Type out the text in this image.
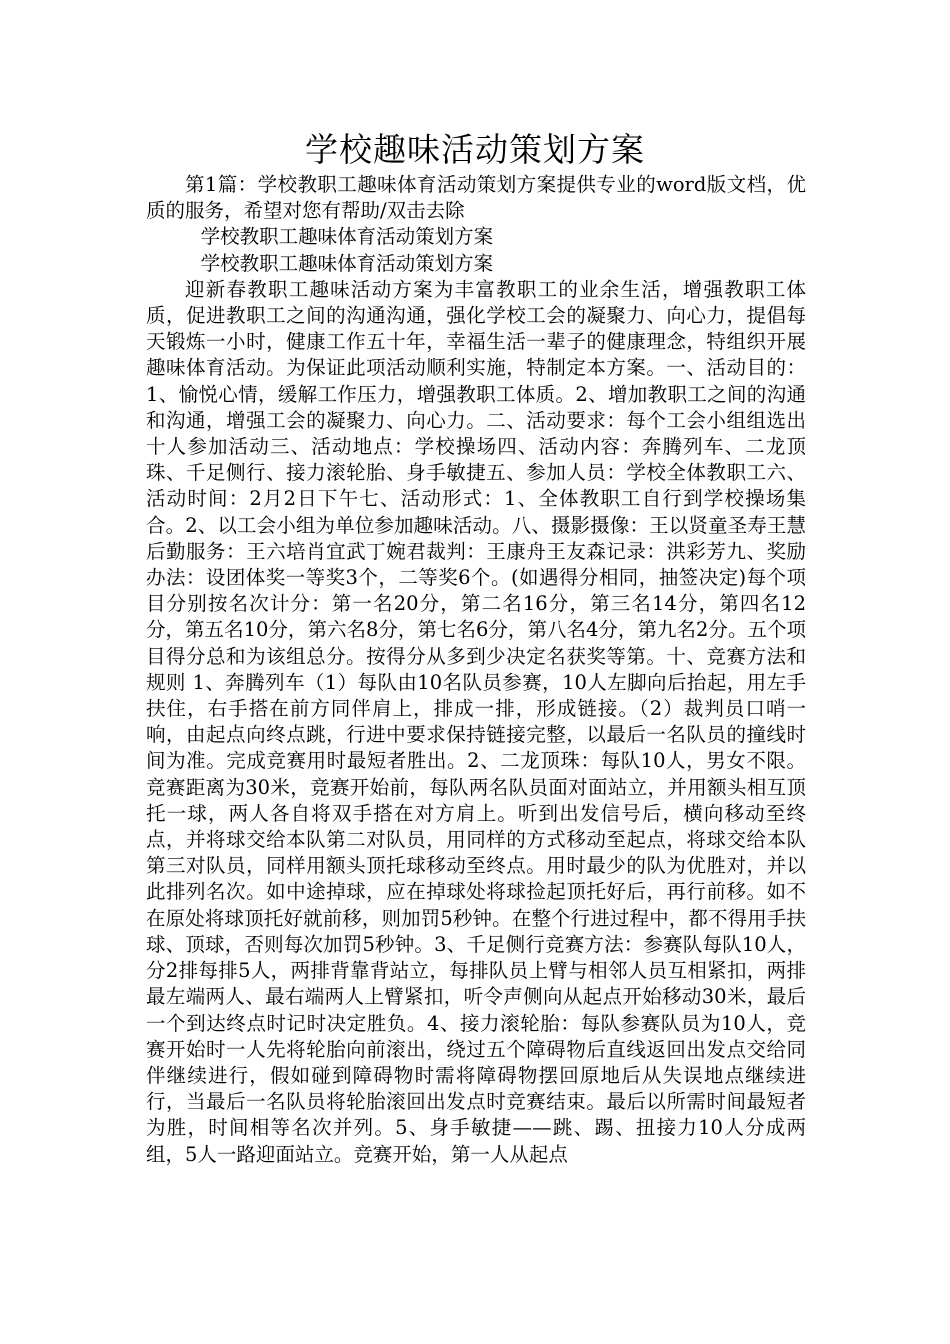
学校趣味活动策划方案

第1篇：学校教职工趣味体育活动策划方案提供专业的word版文档，优质的服务，希望对您有帮助/双击去除

学校教职工趣味体育活动策划方案

学校教职工趣味体育活动策划方案

迎新春教职工趣味活动方案为丰富教职工的业余生活，增强教职工体质，促进教职工之间的沟通沟通，强化学校工会的凝聚力、向心力，提倡每天锻炼一小时，健康工作五十年，幸福生活一辈子的健康理念，特组织开展趣味体育活动。为保证此项活动顺利实施，特制定本方案。一、活动目的：1、愉悦心情，缓解工作压力，增强教职工体质。2、增加教职工之间的沟通和沟通，增强工会的凝聚力、向心力。二、活动要求：每个工会小组组选出十人参加活动三、活动地点：学校操场四、活动内容：奔腾列车、二龙顶珠、千足侧行、接力滚轮胎、身手敏捷五、参加人员：学校全体教职工六、活动时间：2月2日下午七、活动形式：1、全体教职工自行到学校操场集合。2、以工会小组为单位参加趣味活动。八、摄影摄像：王以贤童圣寿王慧后勤服务：王六培肖宜武丁婉君裁判：王康舟王友森记录：洪彩芳九、奖励办法：设团体奖一等奖3个，二等奖6个。(如遇得分相同，抽签决定)每个项目分别按名次计分：第一名20分，第二名16分，第三名14分，第四名12分，第五名10分，第六名8分，第七名6分，第八名4分，第九名2分。五个项目得分总和为该组总分。按得分从多到少决定名获奖等第。十、竞赛方法和规则 1、奔腾列车（1）每队由10名队员参赛，10人左脚向后抬起，用左手扶住，右手搭在前方同伴肩上，排成一排，形成链接。（2）裁判员口哨一响，由起点向终点跳，行进中要求保持链接完整，以最后一名队员的撞线时间为准。完成竞赛用时最短者胜出。2、二龙顶珠：每队10人，男女不限。竞赛距离为30米，竞赛开始前，每队两名队员面对面站立，并用额头相互顶托一球，两人各自将双手搭在对方肩上。听到出发信号后，横向移动至终点，并将球交给本队第二对队员，用同样的方式移动至起点，将球交给本队第三对队员，同样用额头顶托球移动至终点。用时最少的队为优胜对，并以此排列名次。如中途掉球，应在掉球处将球捡起顶托好后，再行前移。如不在原处将球顶托好就前移，则加罚5秒钟。在整个行进过程中，都不得用手扶球、顶球，否则每次加罚5秒钟。3、千足侧行竞赛方法：参赛队每队10人，分2排每排5人，两排背靠背站立，每排队员上臂与相邻人员互相紧扣，两排最左端两人、最右端两人上臂紧扣，听令声侧向从起点开始移动30米，最后一个到达终点时记时决定胜负。4、接力滚轮胎：每队参赛队员为10人，竞赛开始时一人先将轮胎向前滚出，绕过五个障碍物后直线返回出发点交给同伴继续进行，假如碰到障碍物时需将障碍物摆回原地后从失误地点继续进行，当最后一名队员将轮胎滚回出发点时竞赛结束。最后以所需时间最短者为胜，时间相等名次并列。5、身手敏捷——跳、踢、扭接力10人分成两组，5人一路迎面站立。竞赛开始，第一人从起点
